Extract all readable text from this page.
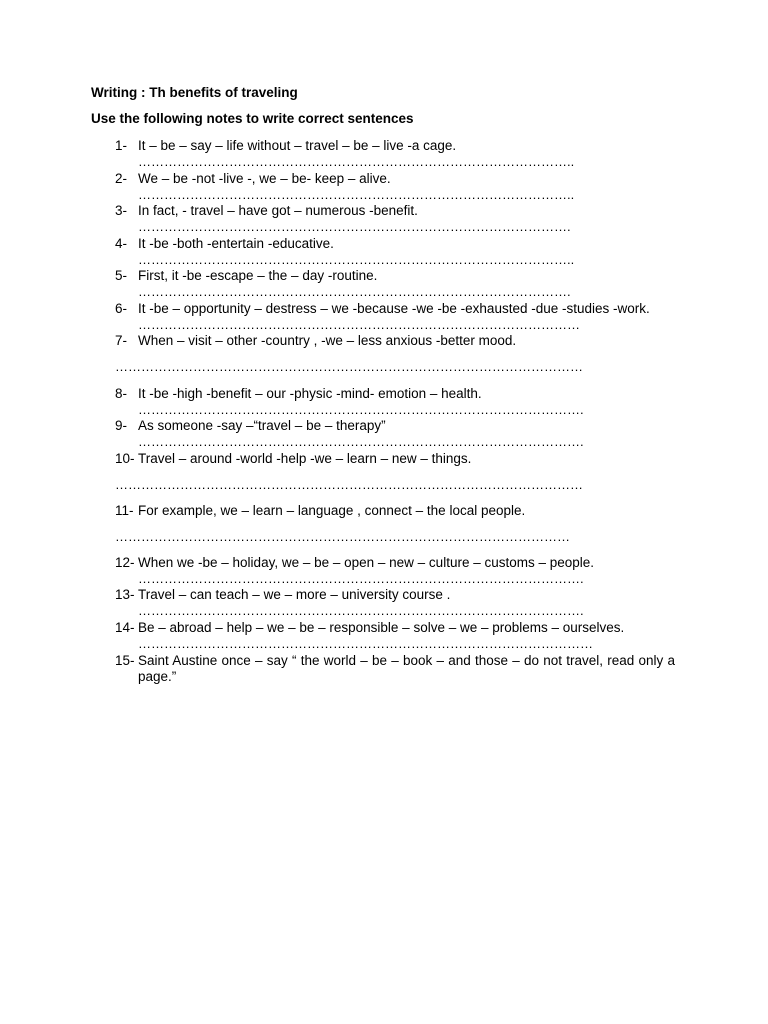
Writing : Th benefits of traveling
Use the following notes to write correct sentences
1- It – be – say – life without – travel – be – live -a cage.
………………………………………………………………………………………..
2- We – be -not -live -, we – be- keep – alive.
………………………………………………………………………………………..
3- In fact, - travel – have got – numerous -benefit.
……………………………………………………………………………………….
4- It -be -both -entertain -educative.
………………………………………………………………………………………..
5- First, it -be -escape – the – day -routine.
……………………………………………………………………………………….
6- It -be – opportunity – destress – we -because -we -be -exhausted -due -studies -work.
…………………………………………………………………………………………
7- When – visit – other -country , -we – less anxious -better mood.
………………………………………………………………………………………………
8- It -be -high -benefit – our -physic -mind- emotion – health.
………………………………………………………………………………………….
9- As someone -say –“travel – be – therapy”
………………………………………………………………………………………….
10- Travel – around -world -help -we – learn – new – things.
………………………………………………………………………………………………
11- For example, we – learn – language , connect – the local people.
……………………………………………………………………………………………
12- When we -be – holiday, we – be – open – new – culture – customs – people.
………………………………………………………………………………………….
13- Travel – can teach – we – more – university course .
………………………………………………………………………………………….
14- Be – abroad – help – we – be – responsible – solve – we – problems – ourselves.
……………………………………………………………………………………………
15- Saint Austine once – say “ the world – be – book – and those – do not travel, read only a page.”
